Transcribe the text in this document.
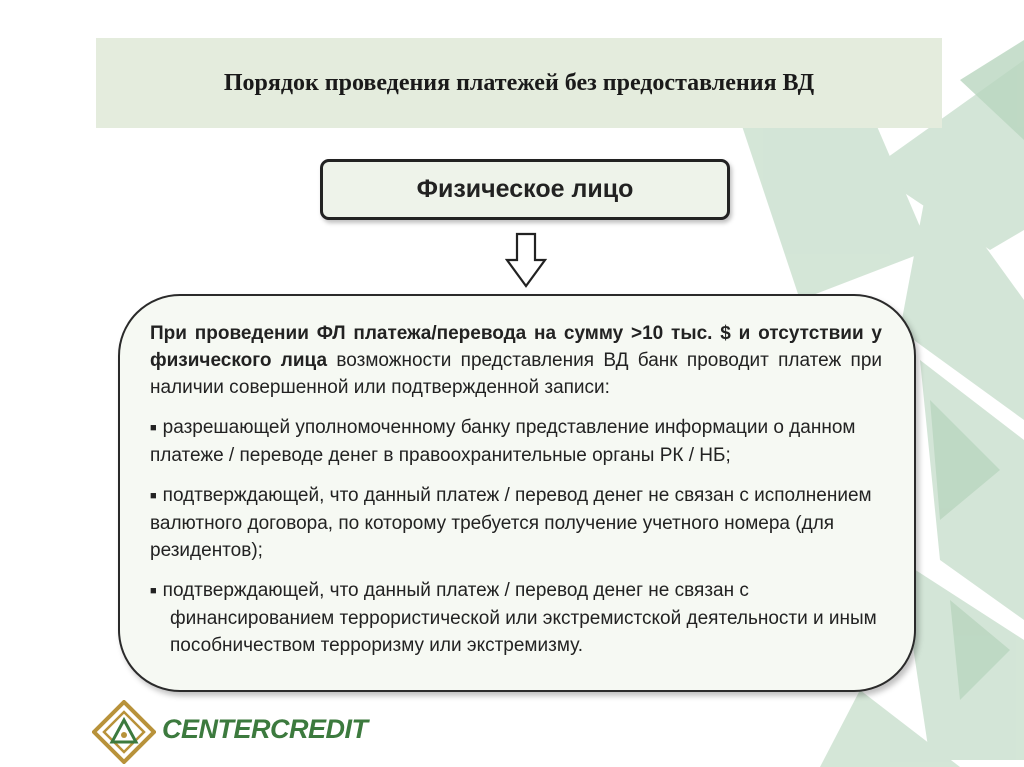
Порядок проведения платежей без предоставления ВД
Физическое лицо

При проведении ФЛ платежа/перевода на сумму >10 тыс. $ и отсутствии у физического лица возможности представления ВД банк проводит платеж при наличии совершенной или подтвержденной записи:

■ разрешающей уполномоченному банку представление информации о данном платеже / переводе денег в правоохранительные органы РК / НБ;

■ подтверждающей, что данный платеж / перевод денег не связан с исполнением валютного договора, по которому требуется получение учетного номера (для резидентов);

■ подтверждающей, что данный платеж / перевод денег не связан с финансированием террористической или экстремистской деятельности и иным пособничеством терроризму или экстремизму.

CENTERCREDIT
